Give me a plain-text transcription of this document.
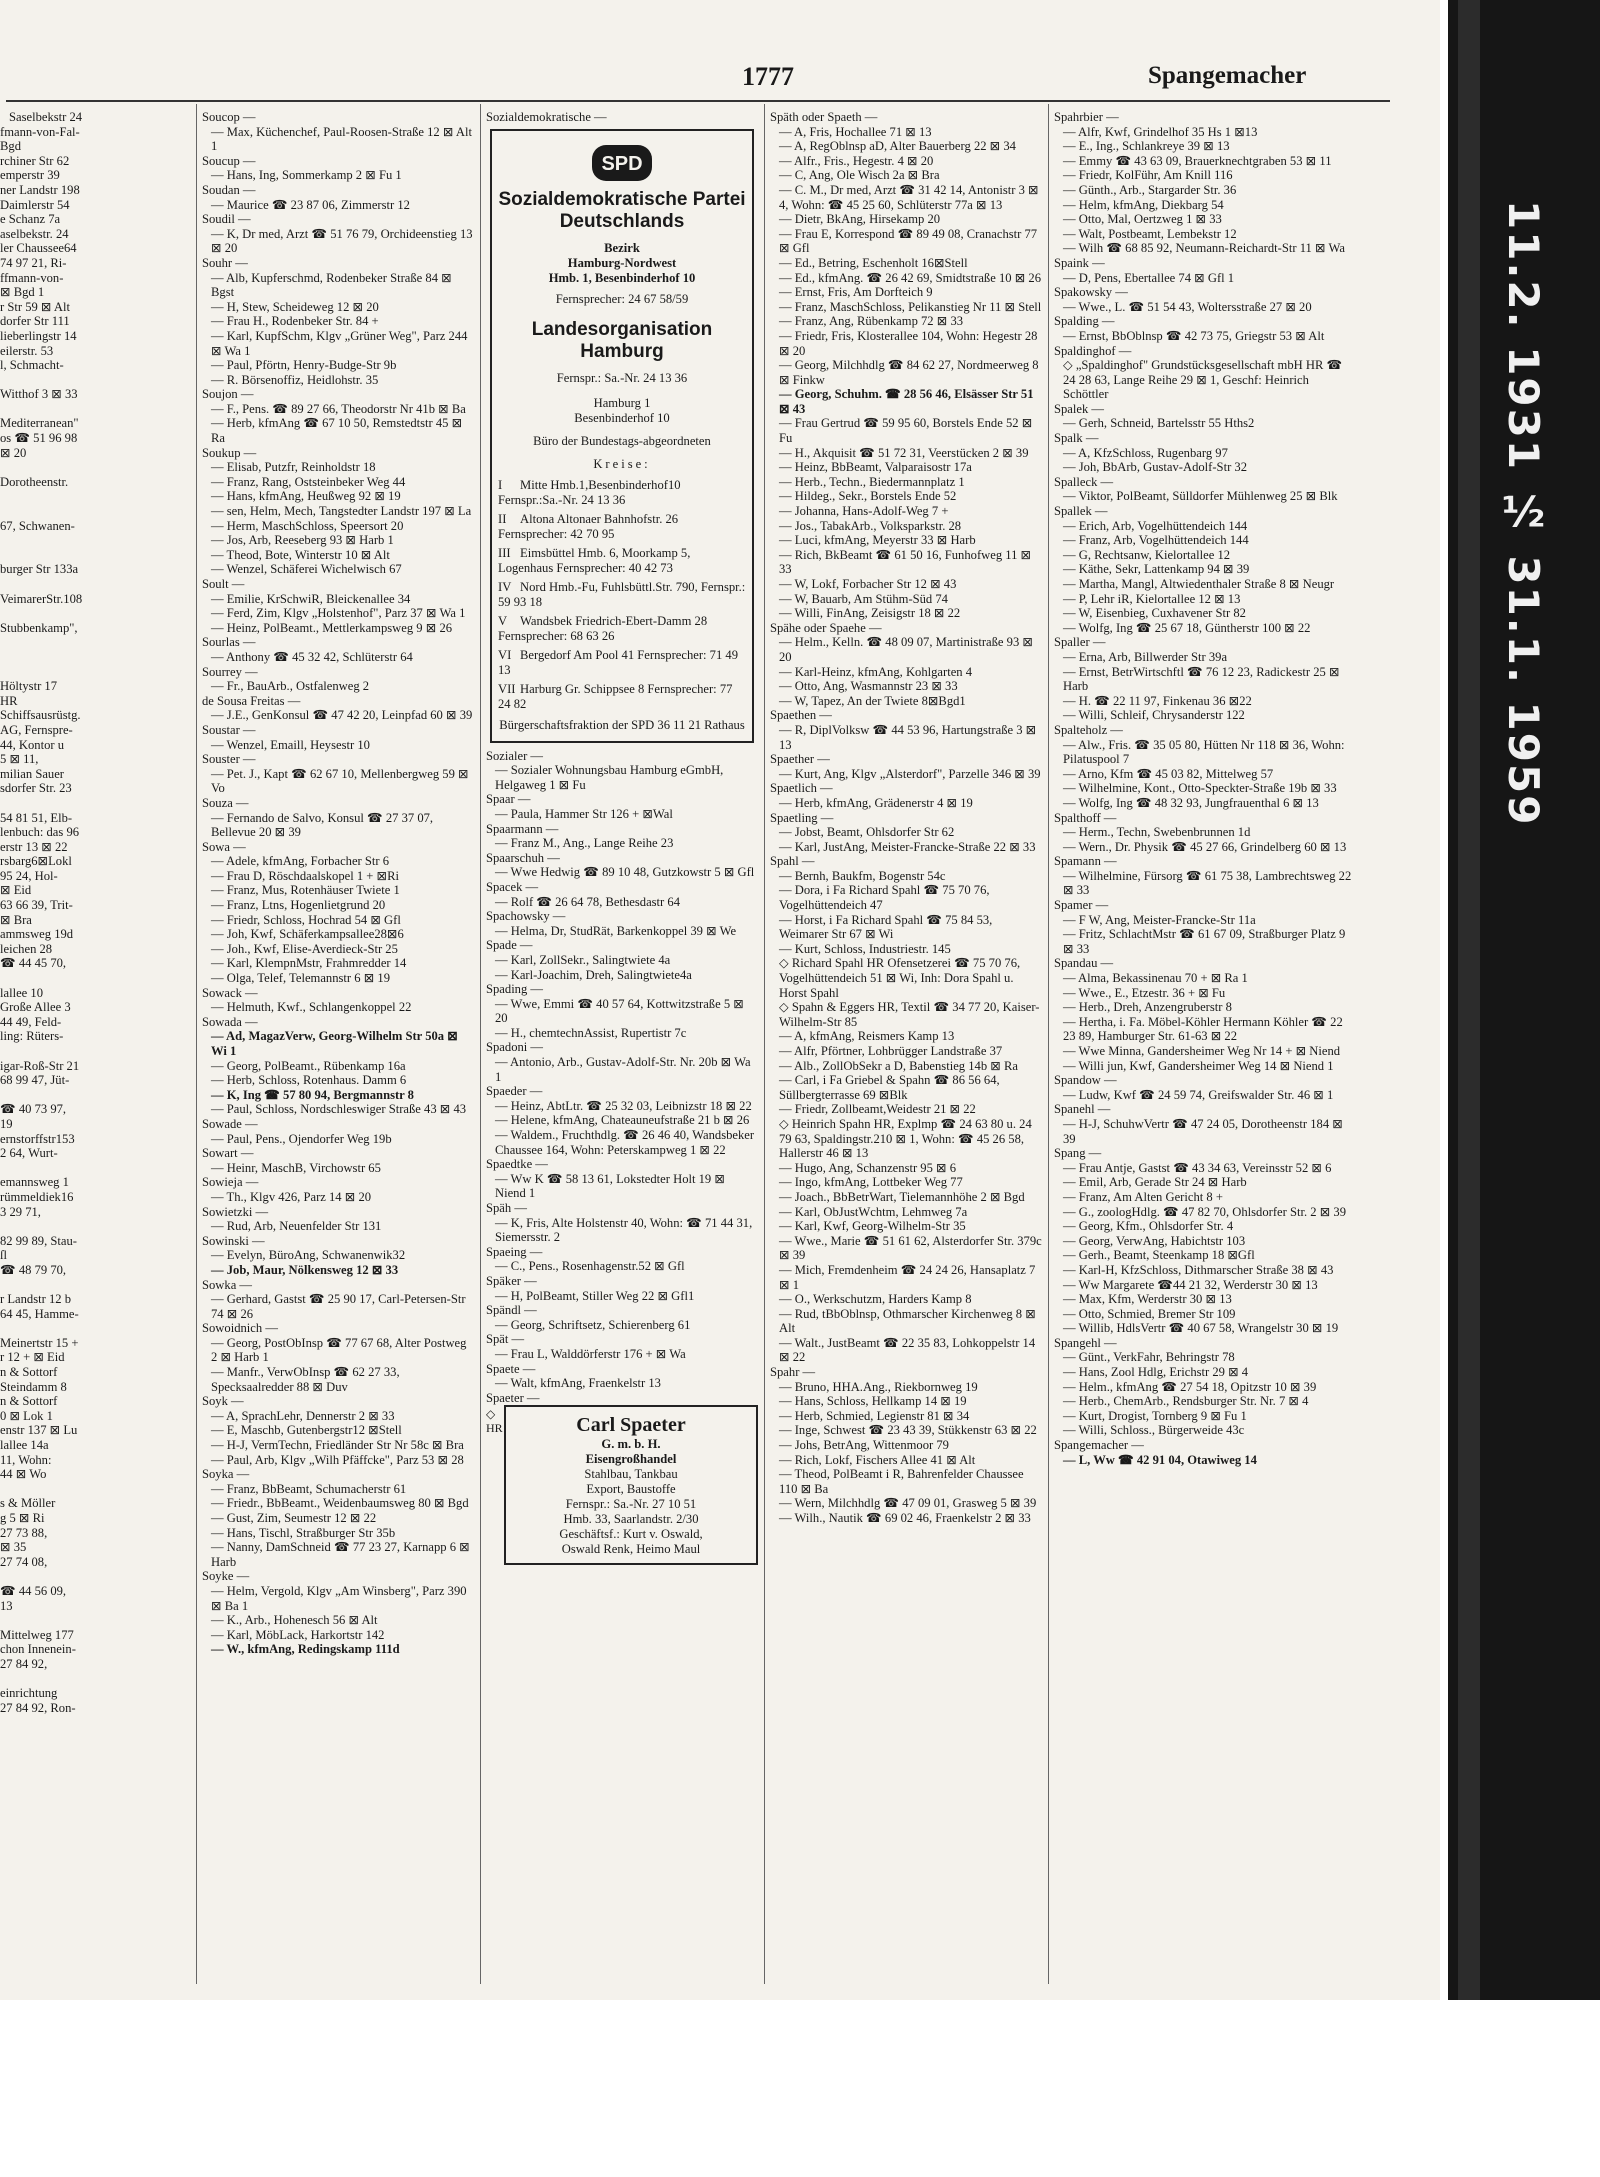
1777	Spangemacher
Saselbekstr 24
fmann-von-Fal-
Bgd
rchiner Str 62
emperstr 39
ner Landstr 198
Daimlerstr 54
e Schanz 7a
aselbekstr. 24
ler Chaussee64
74 97 21, Ri-
ffmann-von-
⊠ Bgd 1
r Str 59 ⊠ Alt
dorfer Str 111
lieberlingstr 14
eilerstr. 53
l, Schmacht-

Witthof 3 ⊠ 33

Mediterranean"
os ☎ 51 96 98
⊠ 20

Dorotheenstr.

67, Schwanen-

burger Str 133a

VeimarerStr.108

Stubbenkamp",

Höltystr 17
HR
Schiffsausrüstg.
AG, Fernspre-
44, Kontor u
5 ⊠ 11,
milian Sauer
sdorfer Str. 23

54 81 51, Elb-
lenbuch: das 96
erstr 13 ⊠ 22
rsbarg6⊠Lokl
95 24, Hol-
⊠ Eid
63 66 39, Trit-
⊠ Bra
ammsweg 19d
leichen 28
☎ 44 45 70,

lallee 10
Große Allee 3
44 49, Feld-
ling: Rüters-

igar-Roß-Str 21
68 99 47, Jüt-

☎ 40 73 97,
19
ernstorffstr153
2 64, Wurt-

emannsweg 1
rümmeldiek16
3 29 71,

82 99 89, Stau-
ſl
☎ 48 79 70,

r Landstr 12 b
64 45, Hamme-

Meinertstr 15 +
r 12 + ⊠ Eid
n & Sottorf
Steindamm 8
n & Sottorf
0 ⊠ Lok 1
enstr 137 ⊠ Lu
lallee 14a
11, Wohn:
44 ⊠ Wo

s & Möller
g 5 ⊠ Ri
27 73 88,
⊠ 35
27 74 08,

☎ 44 56 09,
13

Mittelweg 177
chon Innenein-
27 84 92,

einrichtung
27 84 92, Ron-
Soucop —
— Max, Küchenchef, Paul-Roosen-Straße 12 ⊠ Alt 1
Soucup —
— Hans, Ing, Sommerkamp 2 ⊠ Fu 1
Soudan —
— Maurice ☎ 23 87 06, Zimmerstr 12
Soudil —
— K, Dr med, Arzt ☎ 51 76 79, Orchideenstieg 13 ⊠ 20
Souhr —
— Alb, Kupferschmd, Rodenbeker Straße 84 ⊠ Bgst
— H, Stew, Scheideweg 12 ⊠ 20
— Frau H., Rodenbeker Str. 84 +
— Karl, KupfSchm, Klgv „Grüner Weg", Parz 244 ⊠ Wa 1
— Paul, Pförtn, Henry-Budge-Str 9b
— R. Börsenoffiz, Heidlohstr. 35
Soujon —
— F., Pens. ☎ 89 27 66, Theodorstr Nr 41b ⊠ Ba
— Herb, kfmAng ☎ 67 10 50, Remstedtstr 45 ⊠ Ra
Soukup —
— Elisab, Putzfr, Reinholdstr 18
— Franz, Rang, Oststeinbeker Weg 44
— Hans, kfmAng, Heußweg 92 ⊠ 19
— sen, Helm, Mech, Tangstedter Landstr 197 ⊠ La
— Herm, MaschSchloss, Speersort 20
— Jos, Arb, Reeseberg 93 ⊠ Harb 1
— Theod, Bote, Winterstr 10 ⊠ Alt
— Wenzel, Schäferei Wichelwisch 67
Soult —
— Emilie, KrSchwiR, Bleickenallee 34
— Ferd, Zim, Klgv „Holstenhof", Parz 37 ⊠ Wa 1
— Heinz, PolBeamt., Mettlerkampsweg 9 ⊠ 26
Sourlas —
— Anthony ☎ 45 32 42, Schlüterstr 64
Sourrey —
— Fr., BauArb., Ostfalenweg 2
de Sousa Freitas —
— J.E., GenKonsul ☎ 47 42 20, Leinpfad 60 ⊠ 39
Soustar —
— Wenzel, Emaill, Heysestr 10
Souster —
— Pet. J., Kapt ☎ 62 67 10, Mellenbergweg 59 ⊠ Vo
Souza —
— Fernando de Salvo, Konsul ☎ 27 37 07, Bellevue 20 ⊠ 39
Sowa —
— Adele, kfmAng, Forbacher Str 6
— Frau D, Röschdaalskopel 1 + ⊠Ri
— Franz, Mus, Rotenhäuser Twiete 1
— Franz, Ltns, Hogenlietgrund 20
— Friedr, Schloss, Hochrad 54 ⊠ Gfl
— Joh, Kwf, Schäferkampsallee28⊠6
— Joh., Kwf, Elise-Averdieck-Str 25
— Karl, KlempnMstr, Frahmredder 14
— Olga, Telef, Telemannstr 6 ⊠ 19
Sowack —
— Helmuth, Kwf., Schlangenkoppel 22
Sowada —
— Ad, MagazVerw, Georg-Wilhelm Str 50a ⊠ Wi 1
— Georg, PolBeamt., Rübenkamp 16a
— Herb, Schloss, Rotenhaus. Damm 6
— K, Ing ☎ 57 80 94, Bergmannstr 8
— Paul, Schloss, Nordschleswiger Straße 43 ⊠ 43
Sowade —
— Paul, Pens., Ojendorfer Weg 19b
Sowart —
— Heinr, MaschB, Virchowstr 65
Sowieja —
— Th., Klgv 426, Parz 14 ⊠ 20
Sowietzki —
— Rud, Arb, Neuenfelder Str 131
Sowinski —
— Evelyn, BüroAng, Schwanenwik32
— Job, Maur, Nölkensweg 12 ⊠ 33
Sowka —
— Gerhard, Gastst ☎ 25 90 17, Carl-Petersen-Str 74 ⊠ 26
Sowoidnich —
— Georg, PostObInsp ☎ 77 67 68, Alter Postweg 2 ⊠ Harb 1
— Manfr., VerwObInsp ☎ 62 27 33, Specksaalredder 88 ⊠ Duv
Soyk —
— A, SprachLehr, Dennerstr 2 ⊠ 33
— E, Maschb, Gutenbergstr12 ⊠Stell
— H-J, VermTechn, Friedländer Str Nr 58c ⊠ Bra
— Paul, Arb, Klgv „Wilh Pfäffcke", Parz 53 ⊠ 28
Soyka —
— Franz, BbBeamt, Schumacherstr 61
— Friedr., BbBeamt., Weidenbaumsweg 80 ⊠ Bgd
— Gust, Zim, Seumestr 12 ⊠ 22
— Hans, Tischl, Straßburger Str 35b
— Nanny, DamSchneid ☎ 77 23 27, Karnapp 6 ⊠ Harb
Soyke —
— Helm, Vergold, Klgv „Am Winsberg", Parz 390 ⊠ Ba 1
— K., Arb., Hohenesch 56 ⊠ Alt
— Karl, MöbLack, Harkortstr 142
— W., kfmAng, Redingskamp 111d
Sozialdemokratische —
SPD
Sozialdemokratische Partei Deutschlands
Bezirk
Hamburg-Nordwest
Hmb. 1, Besenbinderhof 10
Fernsprecher: 24 67 58/59
Landesorganisation Hamburg
Fernspr.: Sa.-Nr. 24 13 36
Hamburg 1
Besenbinderhof 10
Büro der Bundestags-abgeordneten
Kreise:
I Mitte Hmb.1,Besenbinderhof10 Fernspr.:Sa.-Nr. 24 13 36
II Altona Altonaer Bahnhofstr. 26 Fernsprecher: 42 70 95
III Eimsbüttel Hmb. 6, Moorkamp 5, Logenhaus Fernsprecher: 40 42 73
IV Nord Hmb.-Fu, Fuhlsbüttl.Str. 790, Fernspr.: 59 93 18
V Wandsbek Friedrich-Ebert-Damm 28 Fernsprecher: 68 63 26
VI Bergedorf Am Pool 41 Fernsprecher: 71 49 13
VII Harburg Gr. Schippsee 8 Fernsprecher: 77 24 82
Bürgerschaftsfraktion der SPD 36 11 21 Rathaus
Sozialer —
— Sozialer Wohnungsbau Hamburg eGmbH, Helgaweg 1 ⊠ Fu
Spaar —
— Paula, Hammer Str 126 + ⊠Wal
Spaarmann —
— Franz M., Ang., Lange Reihe 23
Spaarschuh —
— Wwe Hedwig ☎ 89 10 48, Gutzkowstr 5 ⊠ Gfl
Spacek —
— Rolf ☎ 26 64 78, Bethesdastr 64
Spachowsky —
— Helma, Dr, StudRät, Barkenkoppel 39 ⊠ We
Spade —
— Karl, ZollSekr., Salingtwiete 4a
— Karl-Joachim, Dreh, Salingtwiete4a
Spading —
— Wwe, Emmi ☎ 40 57 64, Kottwitzstraße 5 ⊠ 20
— H., chemtechnAssist, Rupertistr 7c
Spadoni —
— Antonio, Arb., Gustav-Adolf-Str. Nr. 20b ⊠ Wa 1
Spaeder —
— Heinz, AbtLtr. ☎ 25 32 03, Leibnizstr 18 ⊠ 22
— Helene, kfmAng, Chateauneufstraße 21 b ⊠ 26
— Waldem., Fruchthdlg. ☎ 26 46 40, Wandsbeker Chaussee 164, Wohn: Peterskampweg 1 ⊠ 22
Spaedtke —
— Ww K ☎ 58 13 61, Lokstedter Holt 19 ⊠ Niend 1
Späh —
— K, Fris, Alte Holstenstr 40, Wohn: ☎ 71 44 31, Siemersstr. 2
Spaeing —
— C., Pens., Rosenhagenstr.52 ⊠ Gfl
Späker —
— H, PolBeamt, Stiller Weg 22 ⊠ Gfl1
Spändl —
— Georg, Schriftsetz, Schierenberg 61
Spät —
— Frau L, Walddörferstr 176 + ⊠ Wa
Spaete —
— Walt, kfmAng, Fraenkelstr 13
Spaeter —
◇ HR	Carl Spaeter
G. m. b. H.
Eisengroßhandel
Stahlbau, Tankbau
Export, Baustoffe
Fernspr.: Sa.-Nr. 27 10 51
Hmb. 33, Saarlandstr. 2/30
Geschäftsf.: Kurt v. Oswald,
Oswald Renk, Heimo Maul
Späth oder Spaeth —
— A, Fris, Hochallee 71 ⊠ 13
— A, RegOblnsp aD, Alter Bauerberg 22 ⊠ 34
— Alfr., Fris., Hegestr. 4 ⊠ 20
— C, Ang, Ole Wisch 2a ⊠ Bra
— C. M., Dr med, Arzt ☎ 31 42 14, Antonistr 3 ⊠ 4, Wohn: ☎ 45 25 60, Schlüterstr 77a ⊠ 13
— Dietr, BkAng, Hirsekamp 20
— Frau E, Korrespond ☎ 89 49 08, Cranachstr 77 ⊠ Gfl
— Ed., Betring, Eschenholt 16⊠Stell
— Ed., kfmAng. ☎ 26 42 69, Smidtstraße 10 ⊠ 26
— Ernst, Fris, Am Dorfteich 9
— Franz, MaschSchloss, Pelikanstieg Nr 11 ⊠ Stell
— Franz, Ang, Rübenkamp 72 ⊠ 33
— Friedr, Fris, Klosterallee 104, Wohn: Hegestr 28 ⊠ 20
— Georg, Milchhdlg ☎ 84 62 27, Nordmeerweg 8 ⊠ Finkw
— Georg, Schuhm. ☎ 28 56 46, Elsässer Str 51 ⊠ 43
— Frau Gertrud ☎ 59 95 60, Borstels Ende 52 ⊠ Fu
— H., Akquisit ☎ 51 72 31, Veerstücken 2 ⊠ 39
— Heinz, BbBeamt, Valparaisostr 17a
— Herb., Techn., Biedermannplatz 1
— Hildeg., Sekr., Borstels Ende 52
— Johanna, Hans-Adolf-Weg 7 +
— Jos., TabakArb., Volksparkstr. 28
— Luci, kfmAng, Meyerstr 33 ⊠ Harb
— Rich, BkBeamt ☎ 61 50 16, Funhofweg 11 ⊠ 33
— W, Lokf, Forbacher Str 12 ⊠ 43
— W, Bauarb, Am Stühm-Süd 74
— Willi, FinAng, Zeisigstr 18 ⊠ 22
Spähe oder Spaehe —
— Helm., Kelln. ☎ 48 09 07, Martinistraße 93 ⊠ 20
— Karl-Heinz, kfmAng, Kohlgarten 4
— Otto, Ang, Wasmannstr 23 ⊠ 33
— W, Tapez, An der Twiete 8⊠Bgd1
Spaethen —
— R, DiplVolksw ☎ 44 53 96, Hartungstraße 3 ⊠ 13
Spaether —
— Kurt, Ang, Klgv „Alsterdorf", Parzelle 346 ⊠ 39
Spaetlich —
— Herb, kfmAng, Grädenerstr 4 ⊠ 19
Spaetling —
— Jobst, Beamt, Ohlsdorfer Str 62
— Karl, JustAng, Meister-Francke-Straße 22 ⊠ 33
Spahl —
— Bernh, Baukfm, Bogenstr 54c
— Dora, i Fa Richard Spahl ☎ 75 70 76, Vogelhüttendeich 47
— Horst, i Fa Richard Spahl ☎ 75 84 53, Weimarer Str 67 ⊠ Wi
— Kurt, Schloss, Industriestr. 145
◇ Richard Spahl HR Ofensetzerei ☎ 75 70 76, Vogelhüttendeich 51 ⊠ Wi, Inh: Dora Spahl u. Horst Spahl
◇ Spahn & Eggers HR, Textil ☎ 34 77 20, Kaiser-Wilhelm-Str 85
— A, kfmAng, Reismers Kamp 13
— Alfr, Pförtner, Lohbrügger Landstraße 37
— Alb., ZollObSekr a D, Babenstieg 14b ⊠ Ra
— Carl, i Fa Griebel & Spahn ☎ 86 56 64, Süllbergterrasse 69 ⊠Blk
— Friedr, Zollbeamt,Weidestr 21 ⊠ 22
◇ Heinrich Spahn HR, Explmp ☎ 24 63 80 u. 24 79 63, Spaldingstr.210 ⊠ 1, Wohn: ☎ 45 26 58, Hallerstr 46 ⊠ 13
— Hugo, Ang, Schanzenstr 95 ⊠ 6
— Ingo, kfmAng, Lottbeker Weg 77
— Joach., BbBetrWart, Tielemannhöhe 2 ⊠ Bgd
— Karl, ObJustWchtm, Lehmweg 7a
— Karl, Kwf, Georg-Wilhelm-Str 35
— Wwe., Marie ☎ 51 61 62, Alsterdorfer Str. 379c ⊠ 39
— Mich, Fremdenheim ☎ 24 24 26, Hansaplatz 7 ⊠ 1
— O., Werkschutzm, Harders Kamp 8
— Rud, tBbOblnsp, Othmarscher Kirchenweg 8 ⊠ Alt
— Walt., JustBeamt ☎ 22 35 83, Lohkoppelstr 14 ⊠ 22
Spahr —
— Bruno, HHA.Ang., Riekbornweg 19
— Hans, Schloss, Hellkamp 14 ⊠ 19
— Herb, Schmied, Legienstr 81 ⊠ 34
— Inge, Schwest ☎ 23 43 39, Stükkenstr 63 ⊠ 22
— Johs, BetrAng, Wittenmoor 79
— Rich, Lokf, Fischers Allee 41 ⊠ Alt
— Theod, PolBeamt i R, Bahrenfelder Chaussee 110 ⊠ Ba
— Wern, Milchhdlg ☎ 47 09 01, Grasweg 5 ⊠ 39
— Wilh., Nautik ☎ 69 02 46, Fraenkelstr 2 ⊠ 33
Spahrbier —
— Alfr, Kwf, Grindelhof 35 Hs 1 ⊠13
— E., Ing., Schlankreye 39 ⊠ 13
— Emmy ☎ 43 63 09, Brauerknechtgraben 53 ⊠ 11
— Friedr, KolFühr, Am Knill 116
— Günth., Arb., Stargarder Str. 36
— Helm, kfmAng, Diekbarg 54
— Otto, Mal, Oertzweg 1 ⊠ 33
— Walt, Postbeamt, Lembekstr 12
— Wilh ☎ 68 85 92, Neumann-Reichardt-Str 11 ⊠ Wa
Spaink —
— D, Pens, Ebertallee 74 ⊠ Gfl 1
Spakowsky —
— Wwe., L. ☎ 51 54 43, Woltersstraße 27 ⊠ 20
Spalding —
— Ernst, BbOblnsp ☎ 42 73 75, Griegstr 53 ⊠ Alt
Spaldinghof —
◇ „Spaldinghof" Grundstücksgesellschaft mbH HR ☎ 24 28 63, Lange Reihe 29 ⊠ 1, Geschf: Heinrich Schöttler
Spalek —
— Gerh, Schneid, Bartelsstr 55 Hths2
Spalk —
— A, KfzSchloss, Rugenbarg 97
— Joh, BbArb, Gustav-Adolf-Str 32
Spalleck —
— Viktor, PolBeamt, Sülldorfer Mühlenweg 25 ⊠ Blk
Spallek —
— Erich, Arb, Vogelhüttendeich 144
— Franz, Arb, Vogelhüttendeich 144
— G, Rechtsanw, Kielortallee 12
— Käthe, Sekr, Lattenkamp 94 ⊠ 39
— Martha, Mangl, Altwiedenthaler Straße 8 ⊠ Neugr
— P, Lehr iR, Kielortallee 12 ⊠ 13
— W, Eisenbieg, Cuxhavener Str 82
— Wolfg, Ing ☎ 25 67 18, Güntherstr 100 ⊠ 22
Spaller —
— Erna, Arb, Billwerder Str 39a
— Ernst, BetrWirtschftl ☎ 76 12 23, Radickestr 25 ⊠ Harb
— H. ☎ 22 11 97, Finkenau 36 ⊠22
— Willi, Schleif, Chrysanderstr 122
Spalteholz —
— Alw., Fris. ☎ 35 05 80, Hütten Nr 118 ⊠ 36, Wohn: Pilatuspool 7
— Arno, Kfm ☎ 45 03 82, Mittelweg 57
— Wilhelmine, Kont., Otto-Speckter-Straße 19b ⊠ 33
— Wolfg, Ing ☎ 48 32 93, Jungfrauenthal 6 ⊠ 13
Spalthoff —
— Herm., Techn, Swebenbrunnen 1d
— Wern., Dr. Physik ☎ 45 27 66, Grindelberg 60 ⊠ 13
Spamann —
— Wilhelmine, Fürsorg ☎ 61 75 38, Lambrechtsweg 22 ⊠ 33
Spamer —
— F W, Ang, Meister-Francke-Str 11a
— Fritz, SchlachtMstr ☎ 61 67 09, Straßburger Platz 9 ⊠ 33
Spandau —
— Alma, Bekassinenau 70 + ⊠ Ra 1
— Wwe., E., Etzestr. 36 + ⊠ Fu
— Herb., Dreh, Anzengruberstr 8
— Hertha, i. Fa. Möbel-Köhler Hermann Köhler ☎ 22 23 89, Hamburger Str. 61-63 ⊠ 22
— Wwe Minna, Gandersheimer Weg Nr 14 + ⊠ Niend
— Willi jun, Kwf, Gandersheimer Weg 14 ⊠ Niend 1
Spandow —
— Ludw, Kwf ☎ 24 59 74, Greifswalder Str. 46 ⊠ 1
Spanehl —
— H-J, SchuhwVertr ☎ 47 24 05, Dorotheenstr 184 ⊠ 39
Spang —
— Frau Antje, Gastst ☎ 43 34 63, Vereinsstr 52 ⊠ 6
— Emil, Arb, Gerade Str 24 ⊠ Harb
— Franz, Am Alten Gericht 8 +
— G., zoologHdlg. ☎ 47 82 70, Ohlsdorfer Str. 2 ⊠ 39
— Georg, Kfm., Ohlsdorfer Str. 4
— Georg, VerwAng, Habichtstr 103
— Gerh., Beamt, Steenkamp 18 ⊠Gfl
— Karl-H, KfzSchloss, Dithmarscher Straße 38 ⊠ 43
— Ww Margarete ☎44 21 32, Werderstr 30 ⊠ 13
— Max, Kfm, Werderstr 30 ⊠ 13
— Otto, Schmied, Bremer Str 109
— Willib, HdlsVertr ☎ 40 67 58, Wrangelstr 30 ⊠ 19
Spangehl —
— Günt., VerkFahr, Behringstr 78
— Hans, Zool Hdlg, Erichstr 29 ⊠ 4
— Helm., kfmAng ☎ 27 54 18, Opitzstr 10 ⊠ 39
— Herb., ChemArb., Rendsburger Str. Nr. 7 ⊠ 4
— Kurt, Drogist, Tornberg 9 ⊠ Fu 1
— Willi, Schloss., Bürgerweide 43c
Spangemacher —
— L, Ww ☎ 42 91 04, Otawiweg 14
11.2. 1931 ½ 31.1. 1959
